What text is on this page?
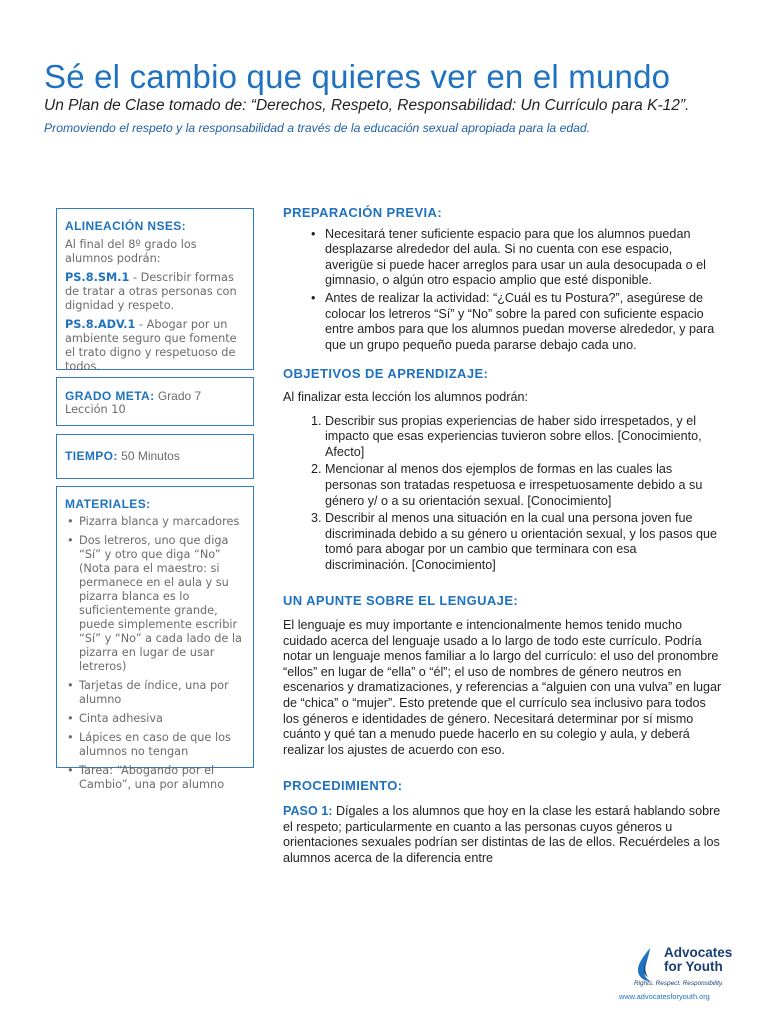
Sé el cambio que quieres ver en el mundo
Un Plan de Clase tomado de: “Derechos, Respeto, Responsabilidad: Un Currículo para K-12”.
Promoviendo el respeto y la responsabilidad a través de la educación sexual apropiada para la edad.
ALINEACIÓN NSES:

Al final del 8º grado los alumnos podrán:

PS.8.SM.1 - Describir formas de tratar a otras personas con dignidad y respeto.

PS.8.ADV.1 - Abogar por un ambiente seguro que fomente el trato digno y respetuoso de todos.

GRADO META: Grado 7
Lección 10
TIEMPO: 50 Minutos
MATERIALES:
• Pizarra blanca y marcadores
• Dos letreros, uno que diga “Sí” y otro que diga “No” (Nota para el maestro: si permanece en el aula y su pizarra blanca es lo suficientemente grande, puede simplemente escribir “Sí” y “No” a cada lado de la pizarra en lugar de usar letreros)
• Tarjetas de índice, una por alumno
• Cinta adhesiva
• Lápices en caso de que los alumnos no tengan
• Tarea: “Abogando por el Cambio”, una por alumno
PREPARACIÓN PREVIA:
• Necesitará tener suficiente espacio para que los alumnos puedan desplazarse alrededor del aula. Si no cuenta con ese espacio, averigüe si puede hacer arreglos para usar un aula desocupada o el gimnasio, o algún otro espacio amplio que esté disponible.
• Antes de realizar la actividad: “¿Cuál es tu Postura?”, asegúrese de colocar los letreros “Sí” y “No” sobre la pared con suficiente espacio entre ambos para que los alumnos puedan moverse alrededor, y para que un grupo pequeño pueda pararse debajo cada uno.
OBJETIVOS DE APRENDIZAJE:

Al finalizar esta lección los alumnos podrán:

1. Describir sus propias experiencias de haber sido irrespetados, y el impacto que esas experiencias tuvieron sobre ellos. [Conocimiento, Afecto]
2. Mencionar al menos dos ejemplos de formas en las cuales las personas son tratadas respetuosa e irrespetuosamente debido a su género y/ o a su orientación sexual. [Conocimiento]
3. Describir al menos una situación en la cual una persona joven fue discriminada debido a su género u orientación sexual, y los pasos que tomó para abogar por un cambio que terminara con esa discriminación. [Conocimiento]
UN APUNTE SOBRE EL LENGUAJE:

El lenguaje es muy importante e intencionalmente hemos tenido mucho cuidado acerca del lenguaje usado a lo largo de todo este currículo. Podría notar un lenguaje menos familiar a lo largo del currículo: el uso del pronombre “ellos” en lugar de “ella” o “él”; el uso de nombres de género neutros en escenarios y dramatizaciones, y referencias a “alguien con una vulva” en lugar de “chica” o “mujer”. Esto pretende que el currículo sea inclusivo para todos los géneros e identidades de género. Necesitará determinar por sí mismo cuánto y qué tan a menudo puede hacerlo en su colegio y aula, y deberá realizar los ajustes de acuerdo con eso.

PROCEDIMIENTO:

PASO 1: Dígales a los alumnos que hoy en la clase les estará hablando sobre el respeto; particularmente en cuanto a las personas cuyos géneros u orientaciones sexuales podrían ser distintas de las de ellos. Recuérdeles a los alumnos acerca de la diferencia entre

Advocates
for Youth
Rights. Respect. Responsibility.
www.advocatesforyouth.org
